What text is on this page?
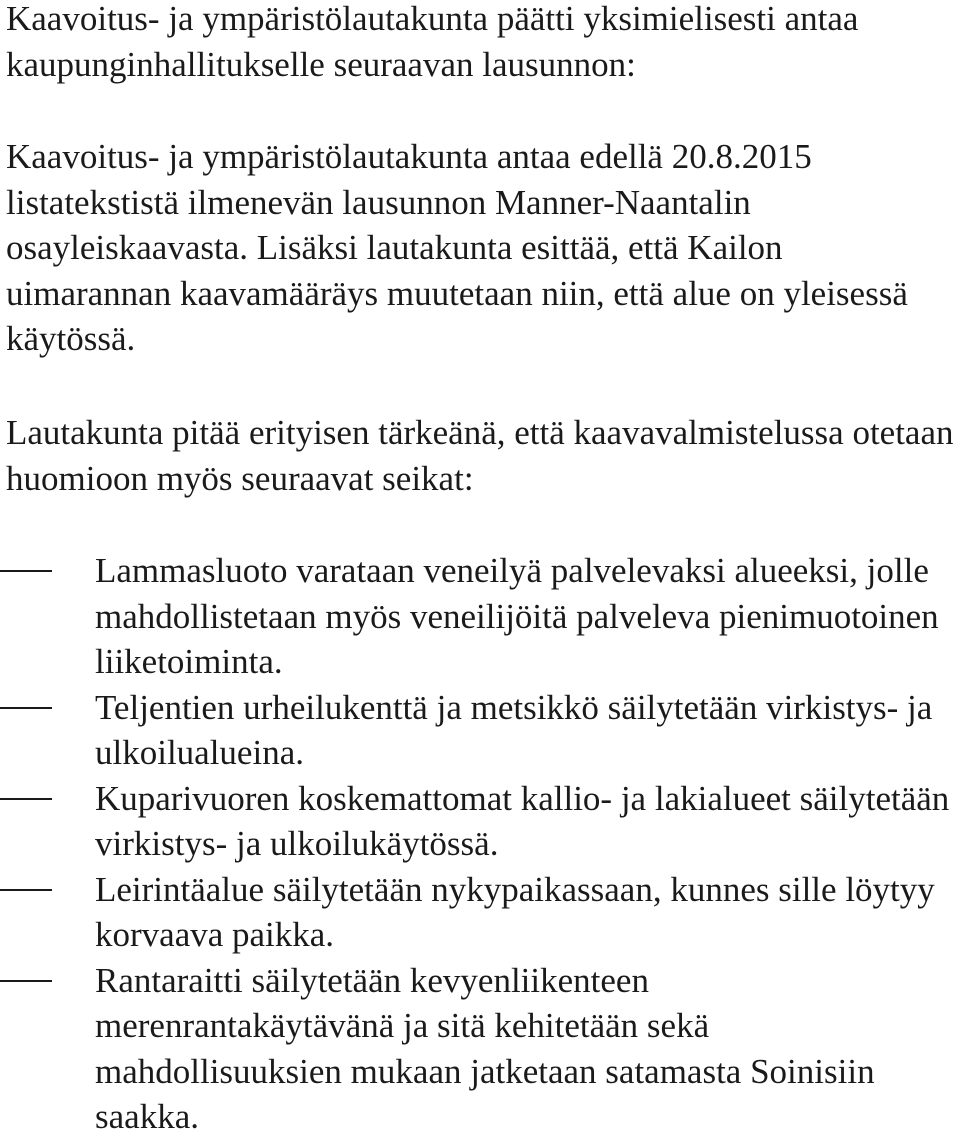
Kaavoitus- ja ympäristölautakunta päätti yksimielisesti antaa kaupunginhallitukselle seuraavan lausunnon:

Kaavoitus- ja ympäristölautakunta antaa edellä 20.8.2015 listatekstistä ilmenevän lausunnon Manner-Naantalin osayleiskaavasta. Lisäksi lautakunta esittää, että Kailon uimarannan kaavamääräys muutetaan niin, että alue on yleisessä käytössä.

Lautakunta pitää erityisen tärkeänä, että kaavavalmistelussa otetaan huomioon myös seuraavat seikat:

Lammasluoto varataan veneilyä palvelevaksi alueeksi, jolle mahdollistetaan myös veneilijöitä palveleva pienimuotoinen liiketoiminta.
Teljentien urheilukenttä ja metsikkö säilytetään virkistys- ja ulkoilualueina.
Kuparivuoren koskemattomat kallio- ja lakialueet säilytetään virkistys- ja ulkoilukäytössä.
Leirintäalue säilytetään nykypaikassaan, kunnes sille löytyy korvaava paikka.
Rantaraitti säilytetään kevyenliikenteen merenrantakäytävänä ja sitä kehitetään sekä mahdollisuuksien mukaan jatketaan satamasta Soinisiin saakka.
